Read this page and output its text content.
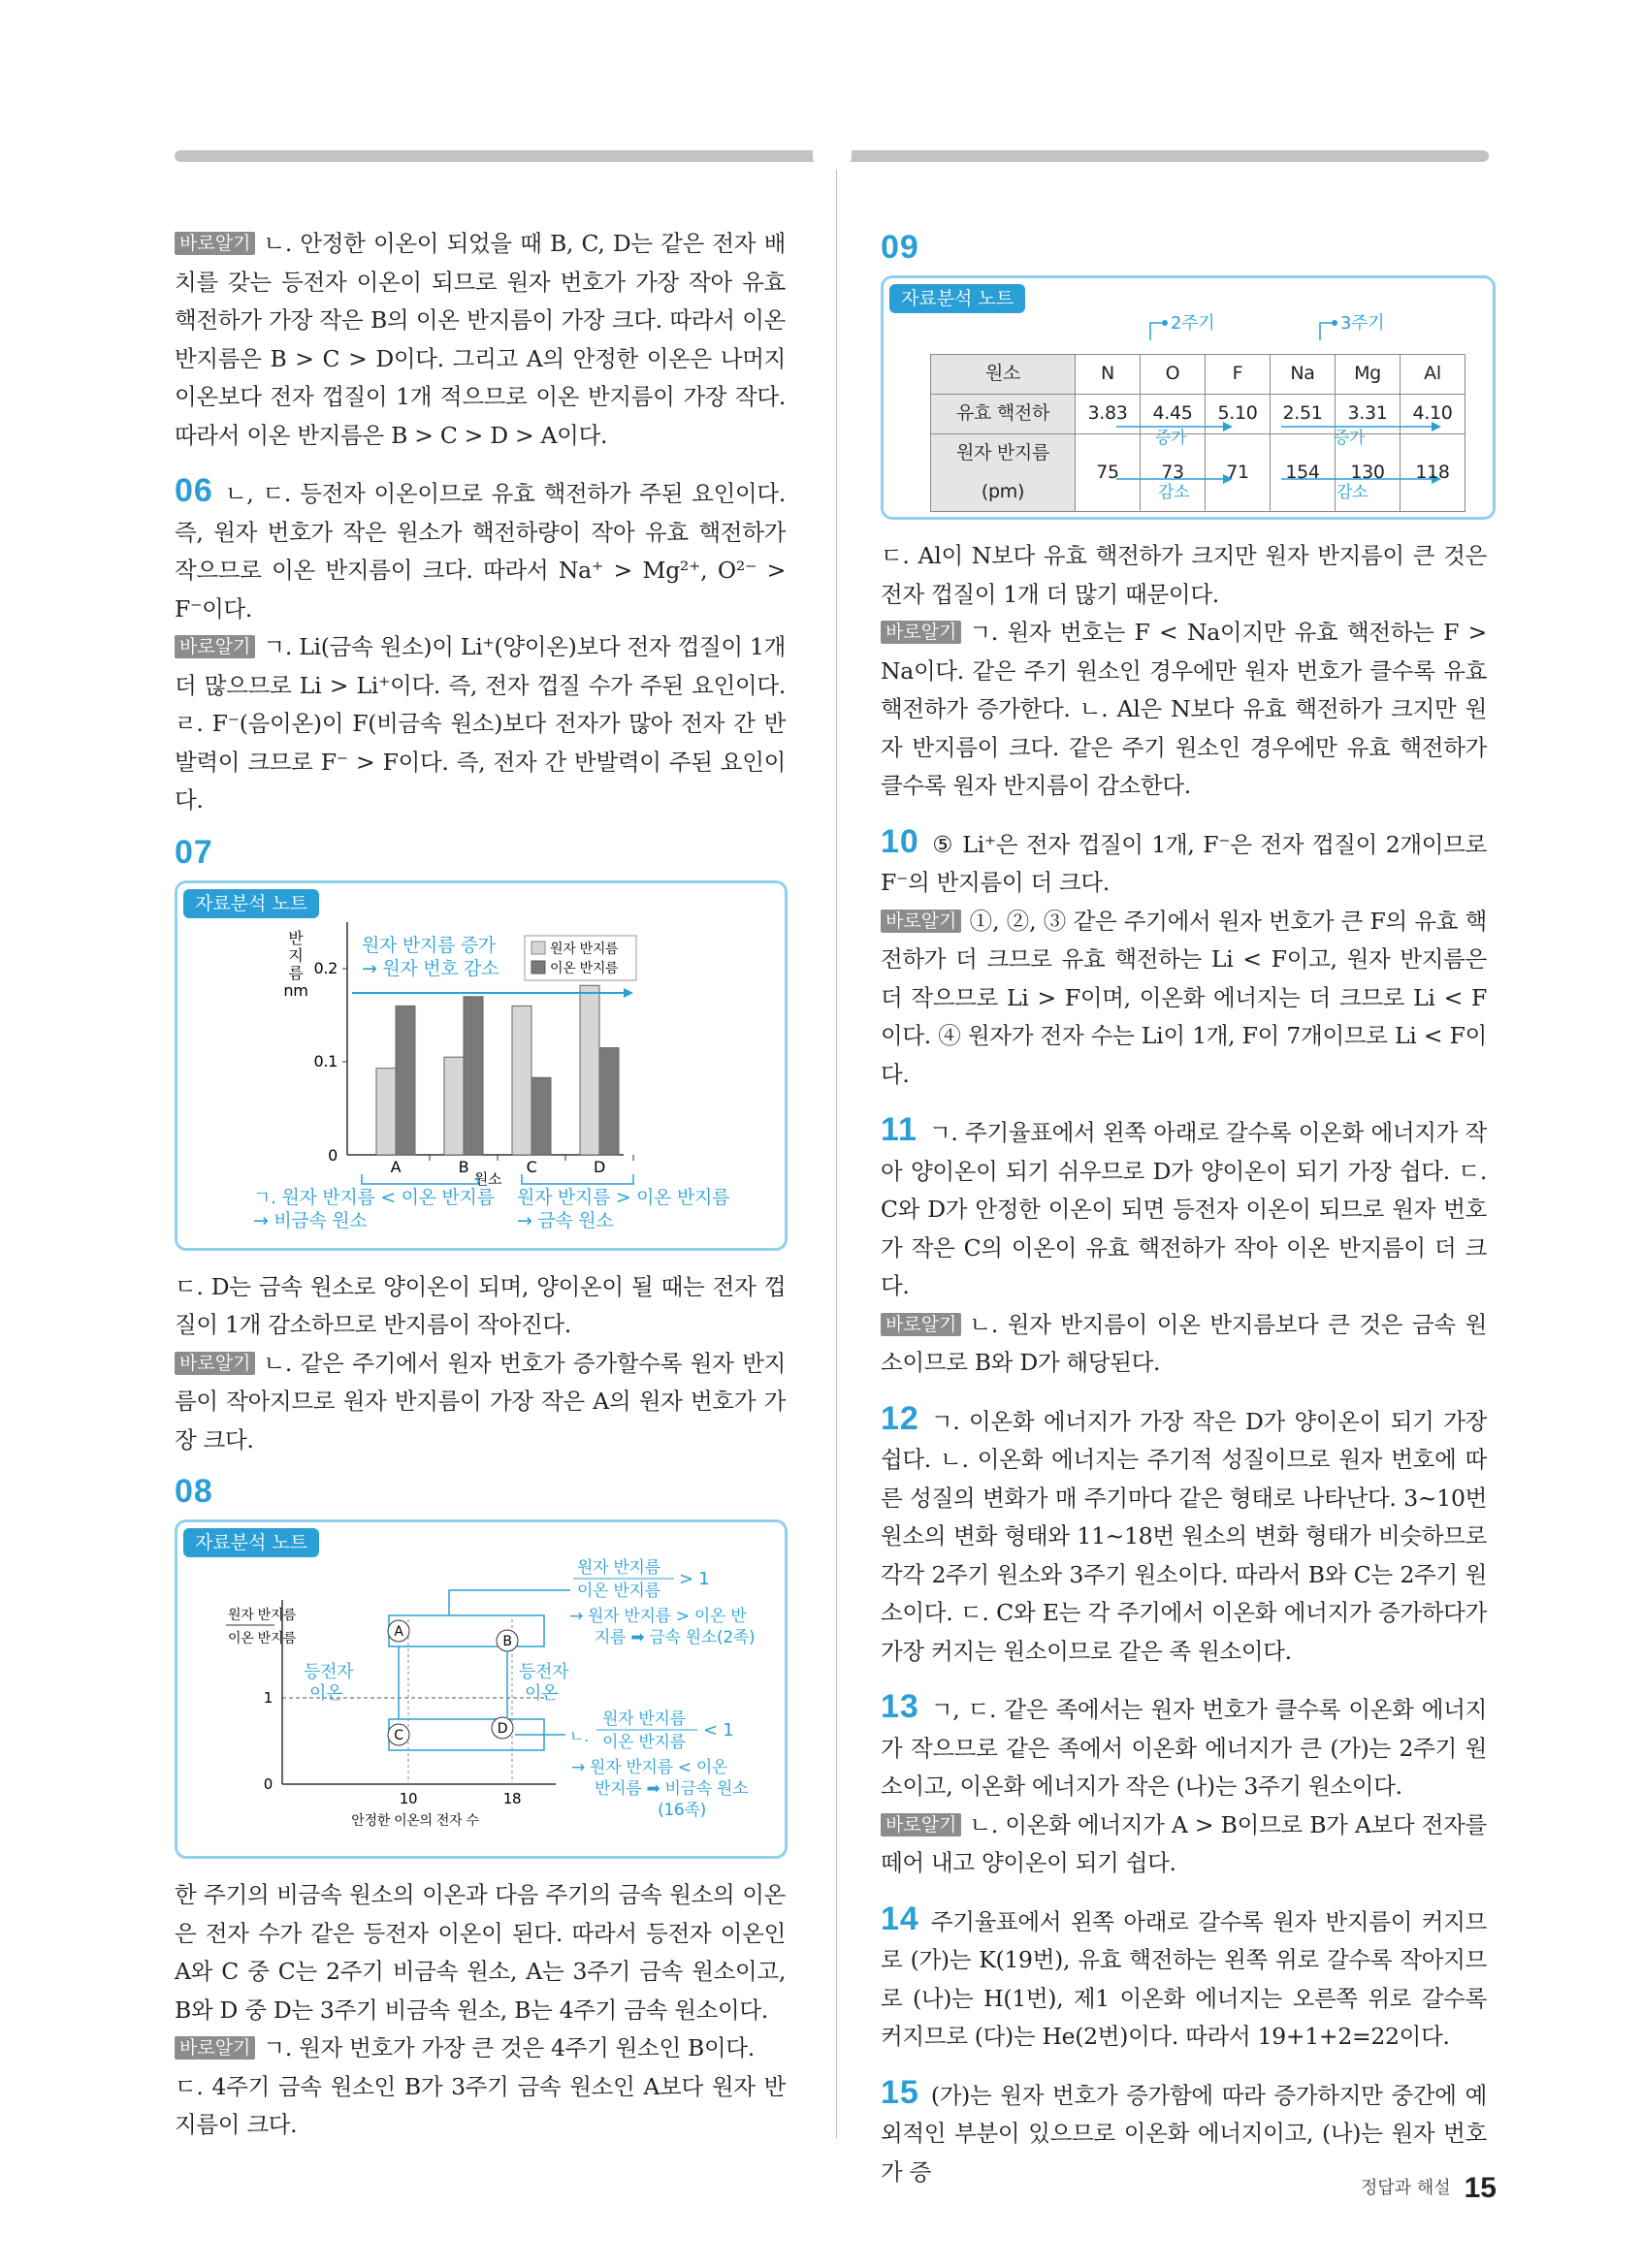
바로알기 ㄴ. 안정한 이온이 되었을 때 B, C, D는 같은 전자 배치를 갖는 등전자 이온이 되므로 원자 번호가 가장 작아 유효 핵전하가 가장 작은 B의 이온 반지름이 가장 크다. 따라서 이온 반지름은 B > C > D이다. 그리고 A의 안정한 이온은 나머지 이온보다 전자 껍질이 1개 적으므로 이온 반지름이 가장 작다. 따라서 이온 반지름은 B > C > D > A이다.

06 ㄴ, ㄷ. 등전자 이온이므로 유효 핵전하가 주된 요인이다. 즉, 원자 번호가 작은 원소가 핵전하량이 작아 유효 핵전하가 작으므로 이온 반지름이 크다. 따라서 Na⁺ > Mg²⁺, O²⁻ > F⁻이다.

바로알기 ㄱ. Li(금속 원소)이 Li⁺(양이온)보다 전자 껍질이 1개 더 많으므로 Li > Li⁺이다. 즉, 전자 껍질 수가 주된 요인이다. ㄹ. F⁻(음이온)이 F(비금속 원소)보다 전자가 많아 전자 간 반발력이 크므로 F⁻ > F이다. 즉, 전자 간 반발력이 주된 요인이다.

07
자료분석 노트
반
지
름
nm
0
0.1
0.2
A	B	C	D
원소
원자 반지름 증가
→ 원자 번호 감소
원자 반지름
이온 반지름
ㄱ. 원자 반지름 < 이온 반지름
→ 비금속 원소
원자 반지름 > 이온 반지름
→ 금속 원소

ㄷ. D는 금속 원소로 양이온이 되며, 양이온이 될 때는 전자 껍질이 1개 감소하므로 반지름이 작아진다.

바로알기 ㄴ. 같은 주기에서 원자 번호가 증가할수록 원자 반지름이 작아지므로 원자 반지름이 가장 작은 A의 원자 번호가 가장 크다.

08
자료분석 노트
원자 반지름
이온 반지름
0
1
10	18
안정한 이온의 전자 수
A
B
C	D
등전자
이온
등전자
이온
원자 반지름
이온 반지름
> 1
→ 원자 반지름 > 이온 반
지름 ➡ 금속 원소(2족)
ㄴ.
원자 반지름
이온 반지름
< 1
→ 원자 반지름 < 이온
반지름 ➡ 비금속 원소
(16족)

한 주기의 비금속 원소의 이온과 다음 주기의 금속 원소의 이온은 전자 수가 같은 등전자 이온이 된다. 따라서 등전자 이온인 A와 C 중 C는 2주기 비금속 원소, A는 3주기 금속 원소이고, B와 D 중 D는 3주기 비금속 원소, B는 4주기 금속 원소이다.

바로알기 ㄱ. 원자 번호가 가장 큰 것은 4주기 원소인 B이다.

ㄷ. 4주기 금속 원소인 B가 3주기 금속 원소인 A보다 원자 반지름이 크다.

09
자료분석 노트
2주기	3주기
증가	증가
감소	감소
원소	N	O	F	Na	Mg	Al
유효 핵전하	3.83	4.45	5.10	2.51	3.31	4.10
원자 반지름(pm)	75	73	71	154	130	118

ㄷ. Al이 N보다 유효 핵전하가 크지만 원자 반지름이 큰 것은 전자 껍질이 1개 더 많기 때문이다.

바로알기 ㄱ. 원자 번호는 F < Na이지만 유효 핵전하는 F > Na이다. 같은 주기 원소인 경우에만 원자 번호가 클수록 유효 핵전하가 증가한다. ㄴ. Al은 N보다 유효 핵전하가 크지만 원자 반지름이 크다. 같은 주기 원소인 경우에만 유효 핵전하가 클수록 원자 반지름이 감소한다.

10 ⑤ Li⁺은 전자 껍질이 1개, F⁻은 전자 껍질이 2개이므로 F⁻의 반지름이 더 크다.

바로알기 ①, ②, ③ 같은 주기에서 원자 번호가 큰 F의 유효 핵전하가 더 크므로 유효 핵전하는 Li < F이고, 원자 반지름은 더 작으므로 Li > F이며, 이온화 에너지는 더 크므로 Li < F이다. ④ 원자가 전자 수는 Li이 1개, F이 7개이므로 Li < F이다.

11 ㄱ. 주기율표에서 왼쪽 아래로 갈수록 이온화 에너지가 작아 양이온이 되기 쉬우므로 D가 양이온이 되기 가장 쉽다. ㄷ. C와 D가 안정한 이온이 되면 등전자 이온이 되므로 원자 번호가 작은 C의 이온이 유효 핵전하가 작아 이온 반지름이 더 크다.

바로알기 ㄴ. 원자 반지름이 이온 반지름보다 큰 것은 금속 원소이므로 B와 D가 해당된다.

12 ㄱ. 이온화 에너지가 가장 작은 D가 양이온이 되기 가장 쉽다. ㄴ. 이온화 에너지는 주기적 성질이므로 원자 번호에 따른 성질의 변화가 매 주기마다 같은 형태로 나타난다. 3~10번 원소의 변화 형태와 11~18번 원소의 변화 형태가 비슷하므로 각각 2주기 원소와 3주기 원소이다. 따라서 B와 C는 2주기 원소이다. ㄷ. C와 E는 각 주기에서 이온화 에너지가 증가하다가 가장 커지는 원소이므로 같은 족 원소이다.

13 ㄱ, ㄷ. 같은 족에서는 원자 번호가 클수록 이온화 에너지가 작으므로 같은 족에서 이온화 에너지가 큰 (가)는 2주기 원소이고, 이온화 에너지가 작은 (나)는 3주기 원소이다.

바로알기 ㄴ. 이온화 에너지가 A > B이므로 B가 A보다 전자를 떼어 내고 양이온이 되기 쉽다.

14 주기율표에서 왼쪽 아래로 갈수록 원자 반지름이 커지므로 (가)는 K(19번), 유효 핵전하는 왼쪽 위로 갈수록 작아지므로 (나)는 H(1번), 제1 이온화 에너지는 오른쪽 위로 갈수록 커지므로 (다)는 He(2번)이다. 따라서 19+1+2=22이다.

15 (가)는 원자 번호가 증가함에 따라 증가하지만 중간에 예외적인 부분이 있으므로 이온화 에너지이고, (나)는 원자 번호가 증

정답과 해설 15
